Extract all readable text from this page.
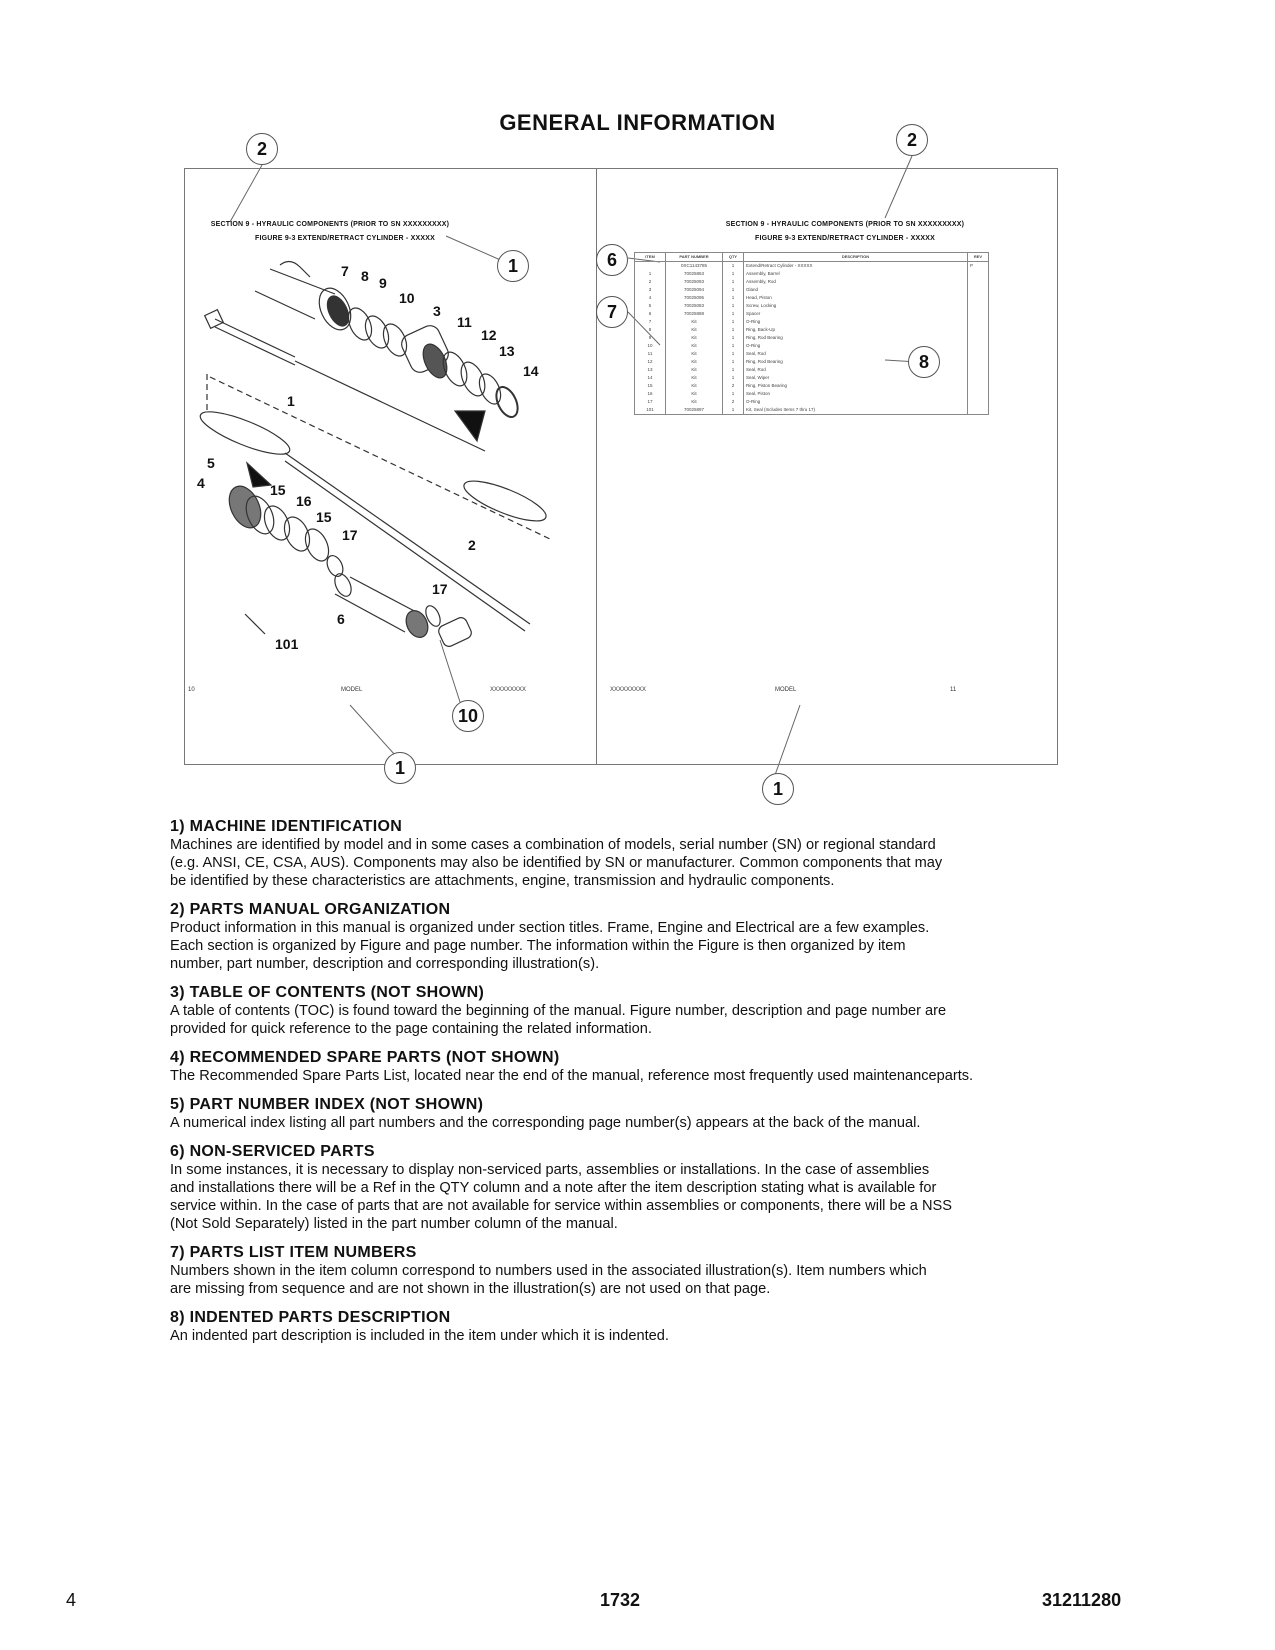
GENERAL INFORMATION
SECTION 9 - HYRAULIC COMPONENTS (PRIOR TO SN XXXXXXXXX)
FIGURE 9-3 EXTEND/RETRACT CYLINDER - XXXXX
7 8 9
10
3
11
12
13
14
1
5
4	15
16
15
17
2
17
6
101
10	MODEL	XXXXXXXXX
SECTION 9 - HYRAULIC COMPONENTS (PRIOR TO SN XXXXXXXXX)
FIGURE 9-3 EXTEND/RETRACT CYLINDER - XXXXX
XXXXXXXXX	MODEL	11
ITEM	PART NUMBER	QTY	DESCRIPTION	REV
	0XC1143785	1	Extend/Retract Cylinder - XXXXX	P
1	70025863	1	Assembly, Barrel	
2	70025093	1	Assembly, Rod	
3	70025094	1	Gland	
4	70025095	1	Head, Piston	
5	70025083	1	Screw, Locking	
6	70025888	1	Spacer	
7	Kit	1	O-Ring	
8	Kit	1	Ring, Back-Up	
9	Kit	1	Ring, Rod Bearing	
10	Kit	1	O-Ring	
11	Kit	1	Seal, Rod	
12	Kit	1	Ring, Rod Bearing	
13	Kit	1	Seal, Rod	
14	Kit	1	Seal, Wiper	
15	Kit	2	Ring, Piston Bearing	
16	Kit	1	Seal, Piston	
17	Kit	2	O-Ring	
101	70025897	1	Kit, Seal (Includes Items 7 thru 17)	
2	2
1	6
7
8
10
1
1
1) MACHINE IDENTIFICATION

Machines are identified by model and in some cases a combination of models, serial number (SN) or regional standard
(e.g. ANSI, CE, CSA, AUS). Components may also be identified by SN or manufacturer. Common components that may
be identified by these characteristics are attachments, engine, transmission and hydraulic components.

2) PARTS MANUAL ORGANIZATION

Product information in this manual is organized under section titles. Frame, Engine and Electrical are a few examples.
Each section is organized by Figure and page number. The information within the Figure is then organized by item
number, part number, description and corresponding illustration(s).

3) TABLE OF CONTENTS (NOT SHOWN)

A table of contents (TOC) is found toward the beginning of the manual. Figure number, description and page number are
provided for quick reference to the page containing the related information.

4) RECOMMENDED SPARE PARTS (NOT SHOWN)

The Recommended Spare Parts List, located near the end of the manual, reference most frequently used maintenanceparts.

5) PART NUMBER INDEX (NOT SHOWN)

A numerical index listing all part numbers and the corresponding page number(s) appears at the back of the manual.

6) NON-SERVICED PARTS

In some instances, it is necessary to display non-serviced parts, assemblies or installations. In the case of assemblies
and installations there will be a Ref in the QTY column and a note after the item description stating what is available for
service within. In the case of parts that are not available for service within assemblies or components, there will be a NSS
(Not Sold Separately) listed in the part number column of the manual.

7) PARTS LIST ITEM NUMBERS

Numbers shown in the item column correspond to numbers used in the associated illustration(s). Item numbers which
are missing from sequence and are not shown in the illustration(s) are not used on that page.

8) INDENTED PARTS DESCRIPTION

An indented part description is included in the item under which it is indented.

4	1732	31211280
